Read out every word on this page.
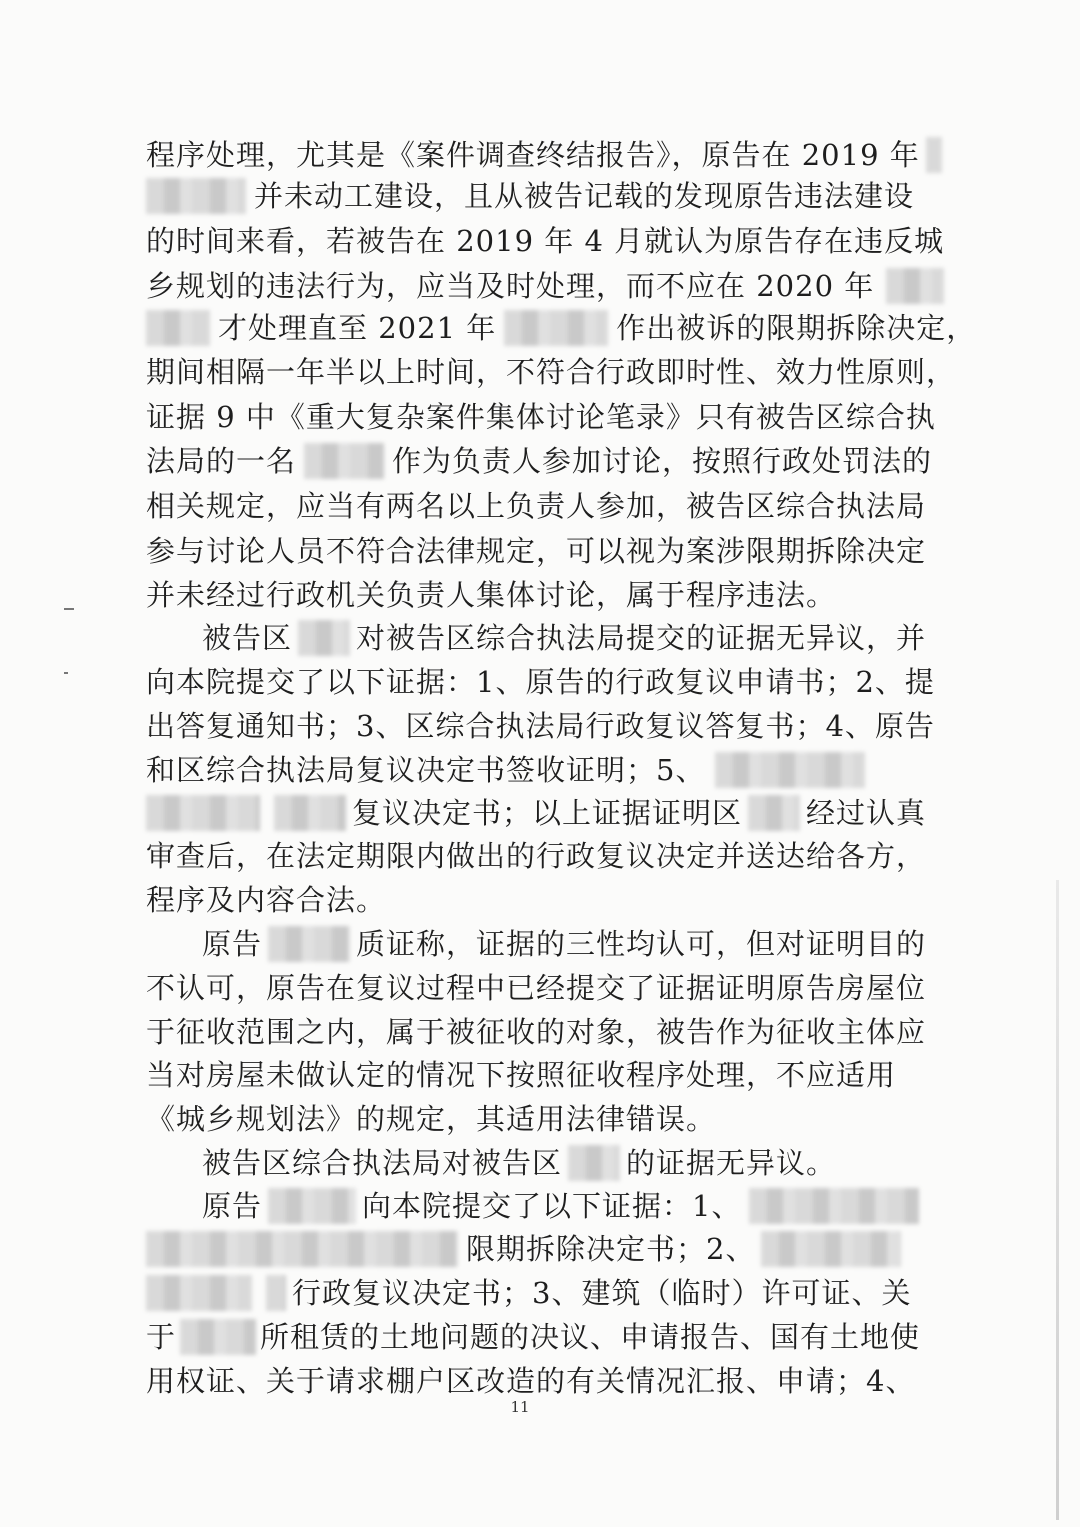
程序处理，尤其是《案件调查终结报告》，原告在 2019 年
并未动工建设，且从被告记载的发现原告违法建设
的时间来看，若被告在 2019 年 4 月就认为原告存在违反城
乡规划的违法行为，应当及时处理，而不应在 2020 年
才处理直至 2021 年	作出被诉的限期拆除决定，
期间相隔一年半以上时间，不符合行政即时性、效力性原则，
证据 9 中《重大复杂案件集体讨论笔录》只有被告区综合执
法局的一名	作为负责人参加讨论，按照行政处罚法的
相关规定，应当有两名以上负责人参加，被告区综合执法局
参与讨论人员不符合法律规定，可以视为案涉限期拆除决定
并未经过行政机关负责人集体讨论，属于程序违法。
被告区 对被告区综合执法局提交的证据无异议，并
向本院提交了以下证据：1、原告的行政复议申请书；2、提
出答复通知书；3、区综合执法局行政复议答复书；4、原告
和区综合执法局复议决定书签收证明；5、
复议决定书；以上证据证明区 经过认真
审查后，在法定期限内做出的行政复议决定并送达给各方，
程序及内容合法。
原告	质证称，证据的三性均认可，但对证明目的
不认可，原告在复议过程中已经提交了证据证明原告房屋位
于征收范围之内，属于被征收的对象，被告作为征收主体应
当对房屋未做认定的情况下按照征收程序处理，不应适用
《城乡规划法》的规定，其适用法律错误。
被告区综合执法局对被告区 的证据无异议。
原告	向本院提交了以下证据：1、
限期拆除决定书；2、
行政复议决定书；3、建筑（临时）许可证、关
于	所租赁的土地问题的决议、申请报告、国有土地使
用权证、关于请求棚户区改造的有关情况汇报、申请；4、
11
